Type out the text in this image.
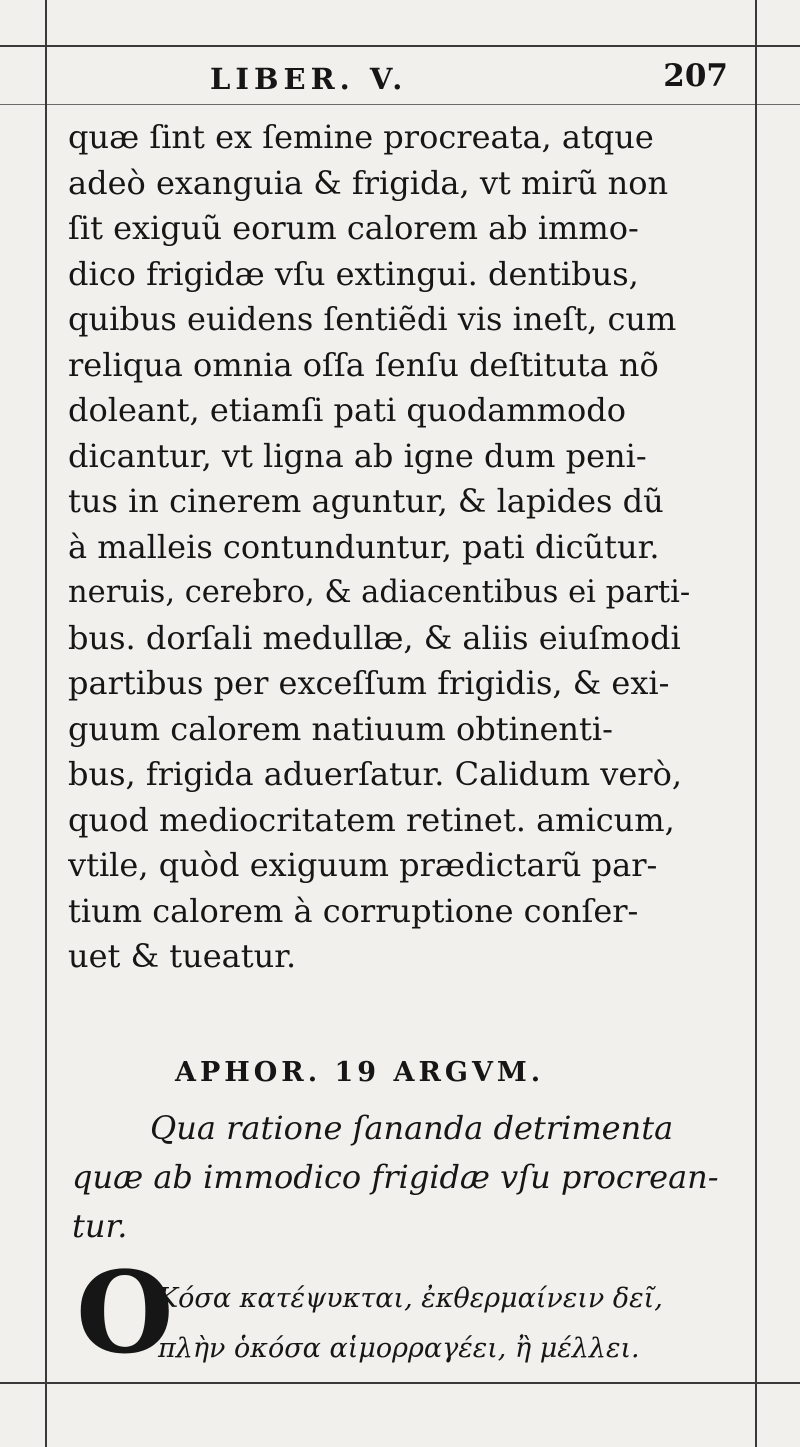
LIBER. V.	207
quæ ſint ex ſemine procreata, atque
adeò exanguia & frigida, vt mirũ non
ſit exiguũ eorum calorem ab immo-
dico frigidæ vſu extingui. dentibus,
quibus euidens ſentiẽdi vis ineſt, cum
reliqua omnia oſſa ſenſu deſtituta nõ
doleant, etiamſi pati quodammodo
dicantur, vt ligna ab igne dum peni-
tus in cinerem aguntur, & lapides dũ
à malleis contunduntur, pati dicũtur.
neruis, cerebro, & adiacentibus ei parti-
bus. dorſali medullæ, & aliis eiuſmodi
partibus per exceſſum frigidis, & exi-
guum calorem natiuum obtinenti-
bus, frigida aduerſatur. Calidum verò,
quod mediocritatem retinet. amicum,
vtile, quòd exiguum prædictarũ par-
tium calorem à corruptione conſer-
uet & tueatur.
APHOR. 19 ARGVM.
Qua ratione ſananda detrimenta
quæ ab immodico frigidæ vſu procrean-
tur.
O
Κόσα κατέψυκται, ἐκθερμαίνειν δεῖ,
πλὴν ὁκόσα αἱμορραγέει, ἢ μέλλει.
